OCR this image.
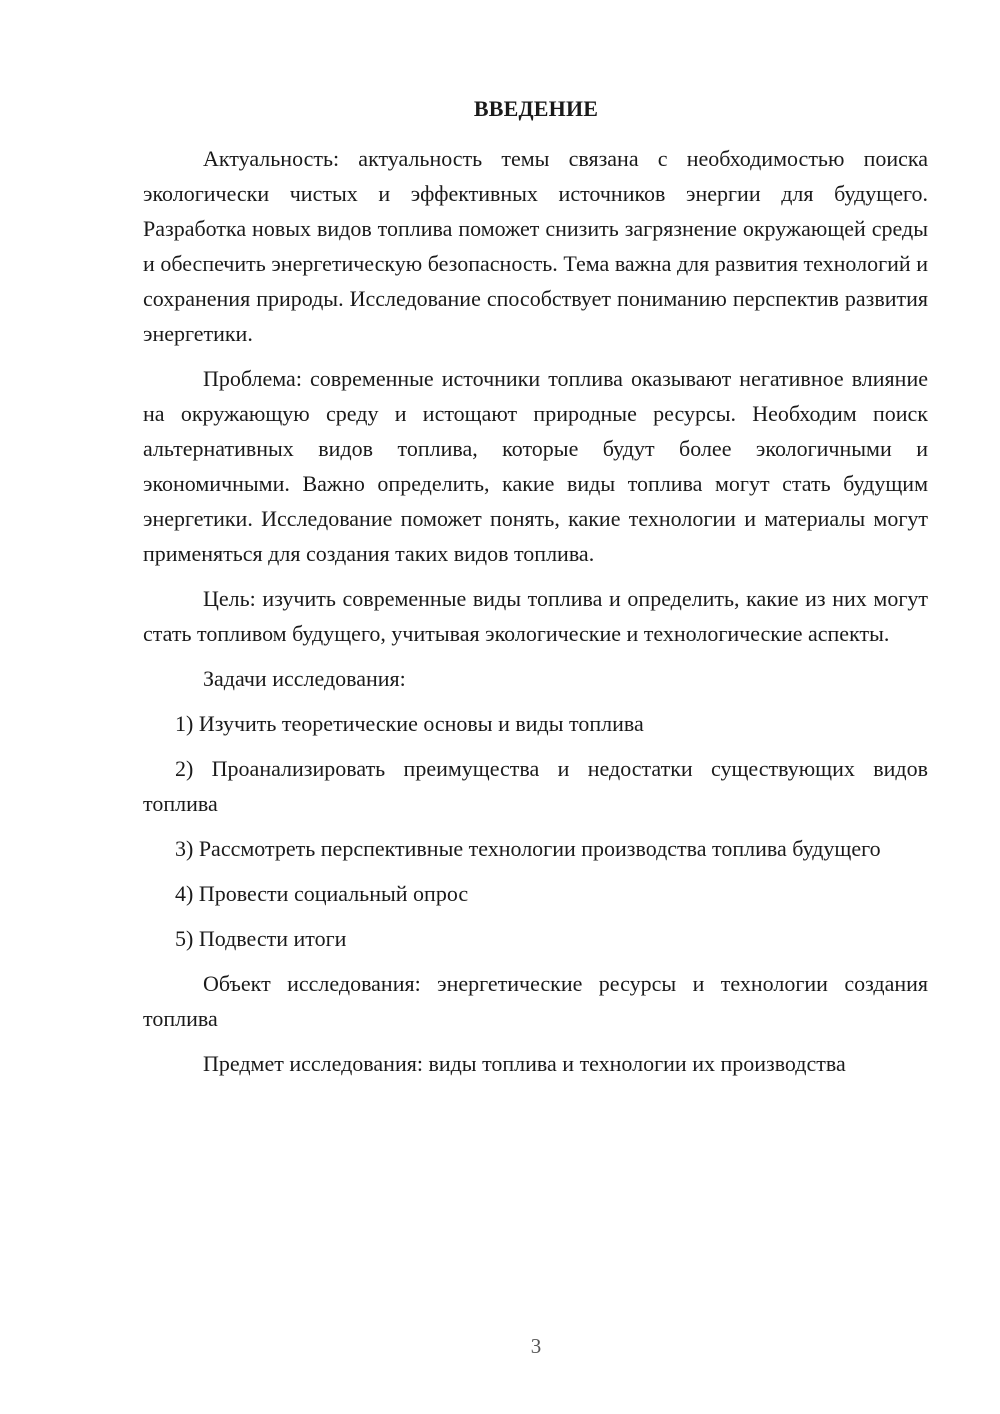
ВВЕДЕНИЕ

Актуальность: актуальность темы связана с необходимостью поиска экологически чистых и эффективных источников энергии для будущего. Разработка новых видов топлива поможет снизить загрязнение окружающей среды и обеспечить энергетическую безопасность. Тема важна для развития технологий и сохранения природы. Исследование способствует пониманию перспектив развития энергетики.

Проблема: современные источники топлива оказывают негативное влияние на окружающую среду и истощают природные ресурсы. Необходим поиск альтернативных видов топлива, которые будут более экологичными и экономичными. Важно определить, какие виды топлива могут стать будущим энергетики. Исследование поможет понять, какие технологии и материалы могут применяться для создания таких видов топлива.

Цель: изучить современные виды топлива и определить, какие из них могут стать топливом будущего, учитывая экологические и технологические аспекты.

Задачи исследования:

1) Изучить теоретические основы и виды топлива

2) Проанализировать преимущества и недостатки существующих видов топлива

3) Рассмотреть перспективные технологии производства топлива будущего

4) Провести социальный опрос

5) Подвести итоги

Объект исследования: энергетические ресурсы и технологии создания топлива

Предмет исследования: виды топлива и технологии их производства

3
